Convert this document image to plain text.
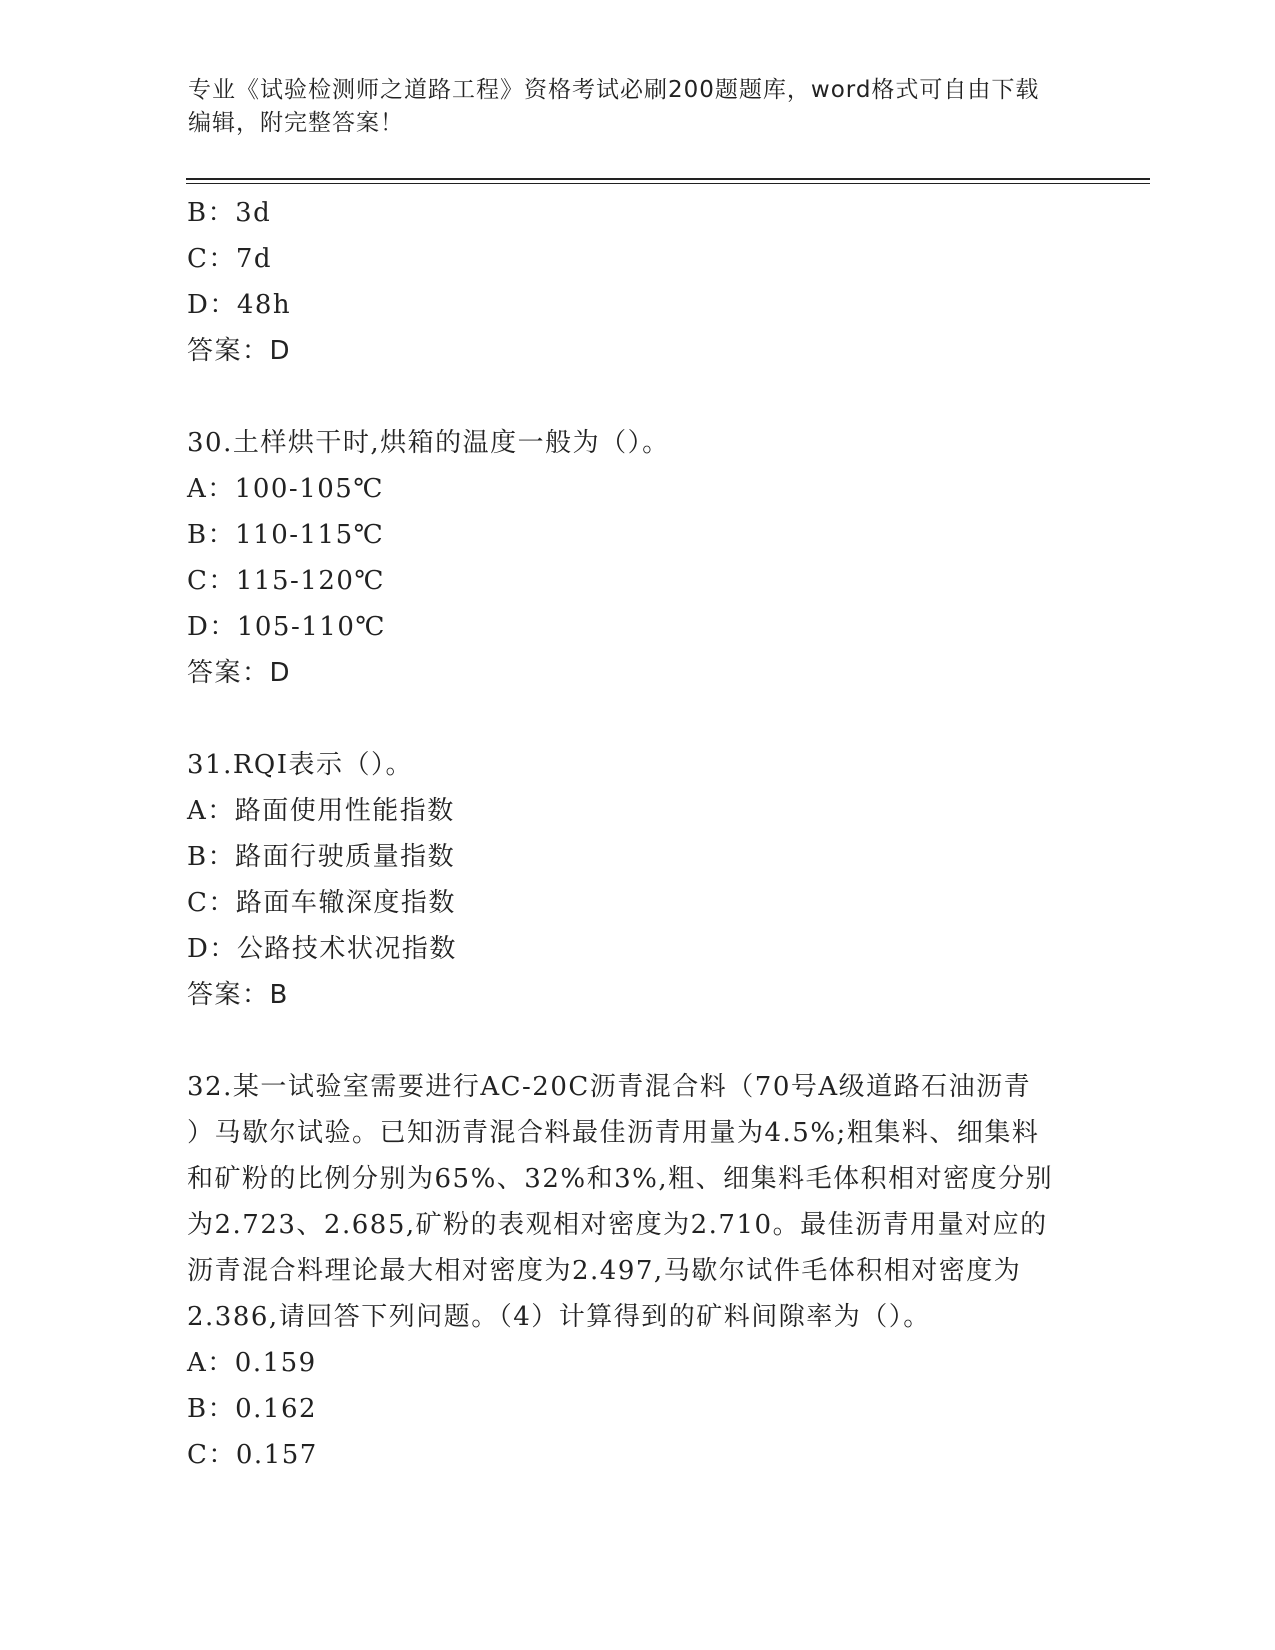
专业《试验检测师之道路工程》资格考试必刷200题题库，word格式可自由下载
编辑，附完整答案！
B：3d
C：7d
D：48h
答案：D
30.土样烘干时,烘箱的温度一般为（）。
A：100-105℃
B：110-115℃
C：115-120℃
D：105-110℃
答案：D
31.RQI表示（）。
A：路面使用性能指数
B：路面行驶质量指数
C：路面车辙深度指数
D：公路技术状况指数
答案：B
32.某一试验室需要进行AC-20C沥青混合料（70号A级道路石油沥青
）马歇尔试验。已知沥青混合料最佳沥青用量为4.5%;粗集料、细集料
和矿粉的比例分别为65%、32%和3%,粗、细集料毛体积相对密度分别
为2.723、2.685,矿粉的表观相对密度为2.710。最佳沥青用量对应的
沥青混合料理论最大相对密度为2.497,马歇尔试件毛体积相对密度为
2.386,请回答下列问题。（4）计算得到的矿料间隙率为（）。
A：0.159
B：0.162
C：0.157
